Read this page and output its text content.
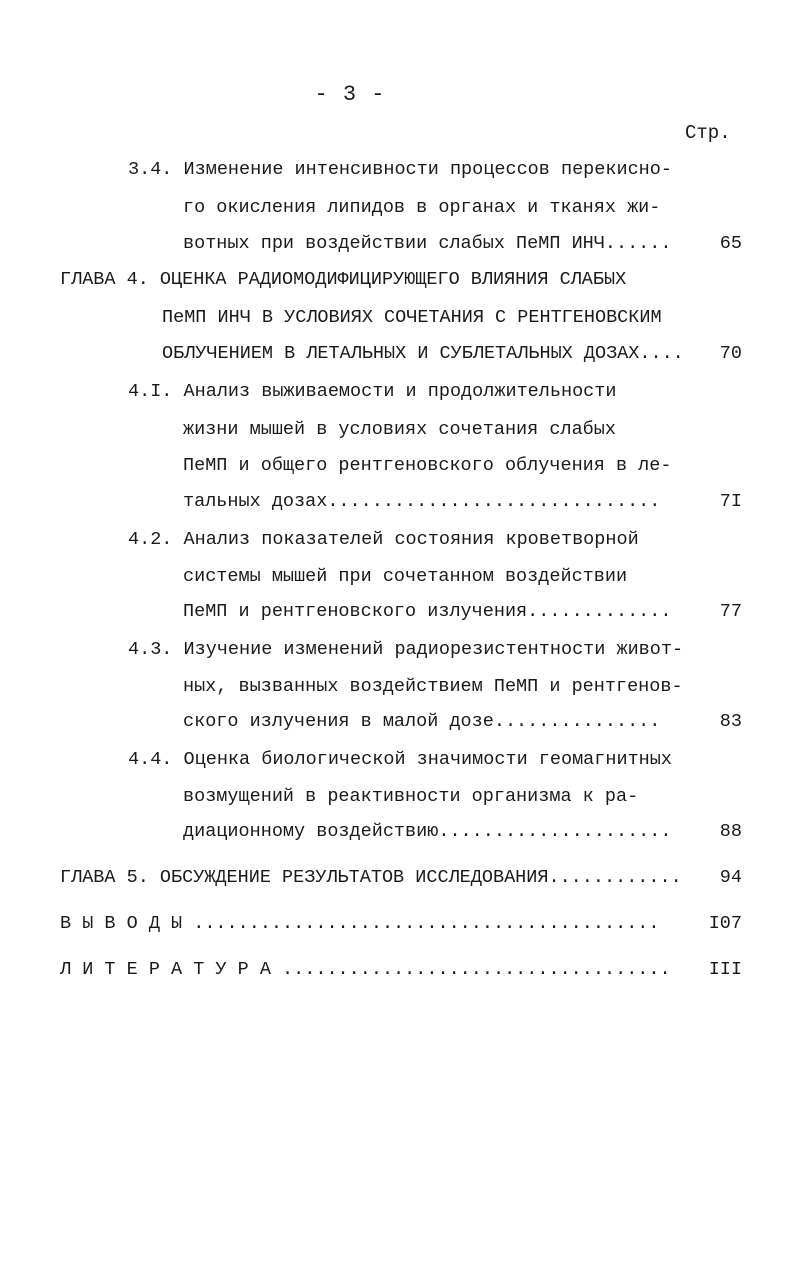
- 3 -
Стр.
3.4. Изменение интенсивности процессов перекисно-
го окисления липидов в органах и тканях жи-
вотных при воздействии слабых ПеМП ИНЧ......	65
ГЛАВА 4. ОЦЕНКА РАДИОМОДИФИЦИРУЮЩЕГО ВЛИЯНИЯ СЛАБЫХ
ПеМП ИНЧ В УСЛОВИЯХ СОЧЕТАНИЯ С РЕНТГЕНОВСКИМ
ОБЛУЧЕНИЕМ В ЛЕТАЛЬНЫХ И СУБЛЕТАЛЬНЫХ ДОЗАХ....	70
4.I. Анализ выживаемости и продолжительности
жизни мышей в условиях сочетания слабых
ПеМП и общего рентгеновского облучения в ле-
тальных дозах..............................	7I
4.2. Анализ показателей состояния кроветворной
системы мышей при сочетанном воздействии
ПеМП и рентгеновского излучения.............	77
4.3. Изучение изменений радиорезистентности живот-
ных, вызванных воздействием ПеМП и рентгенов-
ского излучения в малой дозе...............	83
4.4. Оценка биологической значимости геомагнитных
возмущений в реактивности организма к ра-
диационному воздействию.....................	88
ГЛАВА 5. ОБСУЖДЕНИЕ РЕЗУЛЬТАТОВ ИССЛЕДОВАНИЯ............	94
В Ы В О Д Ы ..........................................	I07
Л И Т Е Р А Т У Р А ...................................	III
